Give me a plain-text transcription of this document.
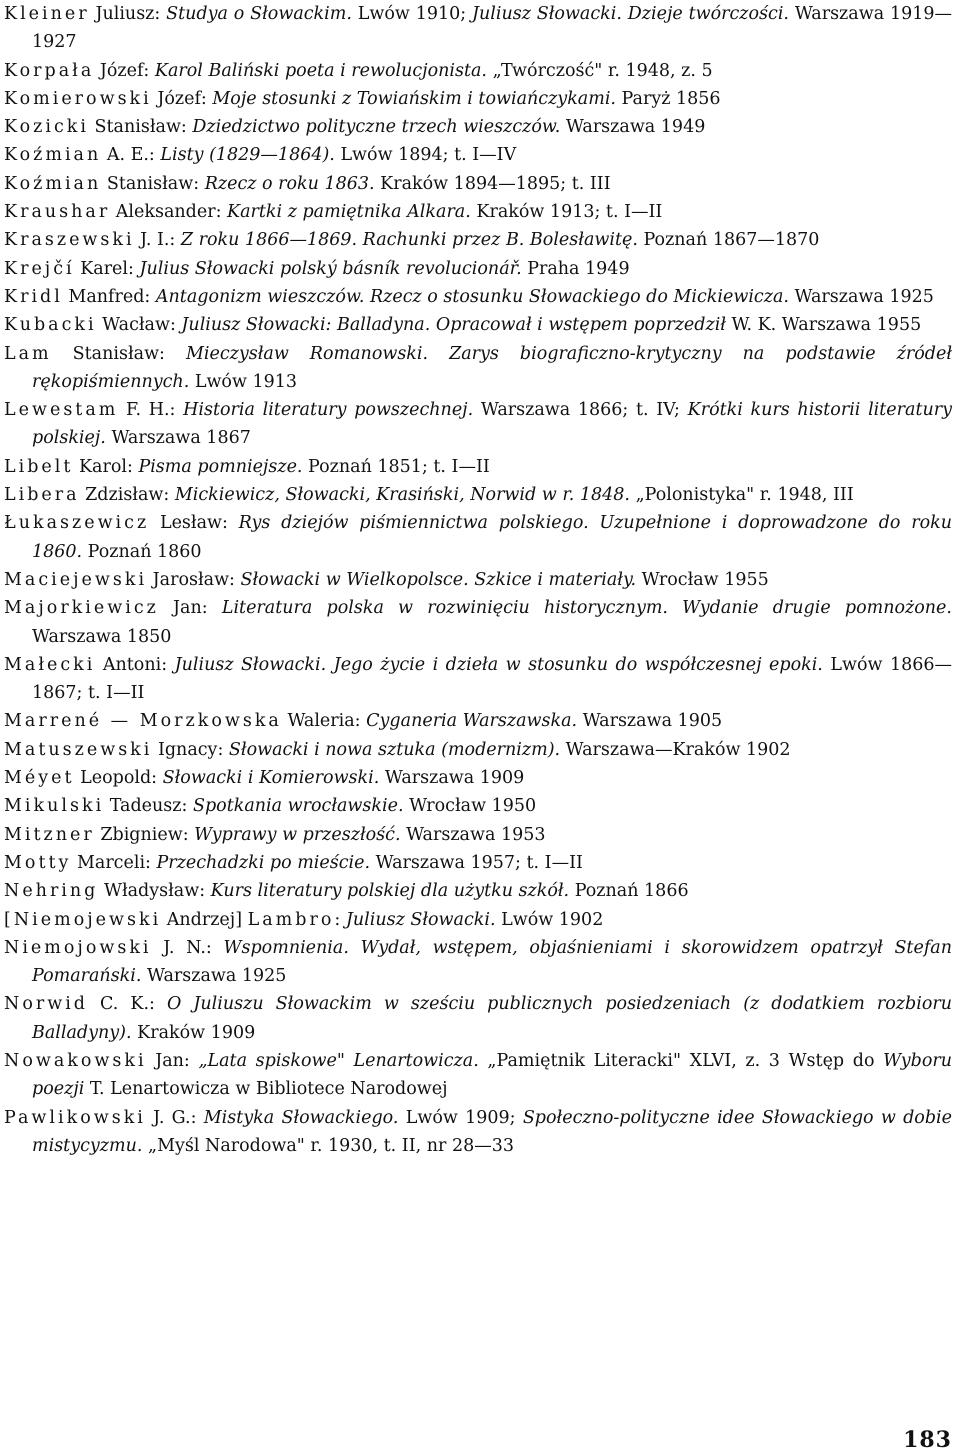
Kleiner Juliusz: Studya o Słowackim. Lwów 1910; Juliusz Słowacki. Dzieje twórczości. Warszawa 1919—1927

Korpała Józef: Karol Baliński poeta i rewolucjonista. „Twórczość" r. 1948, z. 5

Komierowski Józef: Moje stosunki z Towiańskim i towiańczykami. Paryż 1856

Kozicki Stanisław: Dziedzictwo polityczne trzech wieszczów. Warszawa 1949

Koźmian A. E.: Listy (1829—1864). Lwów 1894; t. I—IV

Koźmian Stanisław: Rzecz o roku 1863. Kraków 1894—1895; t. III

Kraushar Aleksander: Kartki z pamiętnika Alkara. Kraków 1913; t. I—II

Kraszewski J. I.: Z roku 1866—1869. Rachunki przez B. Bolesławitę. Poznań 1867—1870

Krejčí Karel: Julius Słowacki polský básník revolucionář. Praha 1949

Kridl Manfred: Antagonizm wieszczów. Rzecz o stosunku Słowackiego do Mickiewicza. Warszawa 1925

Kubacki Wacław: Juliusz Słowacki: Balladyna. Opracował i wstępem poprzedził W. K. Warszawa 1955

Lam Stanisław: Mieczysław Romanowski. Zarys biograficzno-krytyczny na podstawie źródeł rękopiśmiennych. Lwów 1913

Lewestam F. H.: Historia literatury powszechnej. Warszawa 1866; t. IV; Krótki kurs historii literatury polskiej. Warszawa 1867

Libelt Karol: Pisma pomniejsze. Poznań 1851; t. I—II

Libera Zdzisław: Mickiewicz, Słowacki, Krasiński, Norwid w r. 1848. „Polonistyka" r. 1948, III

Łukaszewicz Lesław: Rys dziejów piśmiennictwa polskiego. Uzupełnione i doprowadzone do roku 1860. Poznań 1860

Maciejewski Jarosław: Słowacki w Wielkopolsce. Szkice i materiały. Wrocław 1955

Majorkiewicz Jan: Literatura polska w rozwinięciu historycznym. Wydanie drugie pomnożone. Warszawa 1850

Małecki Antoni: Juliusz Słowacki. Jego życie i dzieła w stosunku do współczesnej epoki. Lwów 1866—1867; t. I—II

Marrené — Morzkowska Waleria: Cyganeria Warszawska. Warszawa 1905

Matuszewski Ignacy: Słowacki i nowa sztuka (modernizm). Warszawa—Kraków 1902

Méyet Leopold: Słowacki i Komierowski. Warszawa 1909

Mikulski Tadeusz: Spotkania wrocławskie. Wrocław 1950

Mitzner Zbigniew: Wyprawy w przeszłość. Warszawa 1953

Motty Marceli: Przechadzki po mieście. Warszawa 1957; t. I—II

Nehring Władysław: Kurs literatury polskiej dla użytku szkół. Poznań 1866

[Niemojewski Andrzej] Lambro: Juliusz Słowacki. Lwów 1902

Niemojowski J. N.: Wspomnienia. Wydał, wstępem, objaśnieniami i skorowidzem opatrzył Stefan Pomarański. Warszawa 1925

Norwid C. K.: O Juliuszu Słowackim w sześciu publicznych posiedzeniach (z dodatkiem rozbioru Balladyny). Kraków 1909

Nowakowski Jan: „Lata spiskowe" Lenartowicza. „Pamiętnik Literacki" XLVI, z. 3 Wstęp do Wyboru poezji T. Lenartowicza w Bibliotece Narodowej

Pawlikowski J. G.: Mistyka Słowackiego. Lwów 1909; Społeczno-polityczne idee Słowackiego w dobie mistycyzmu. „Myśl Narodowa" r. 1930, t. II, nr 28—33

183
